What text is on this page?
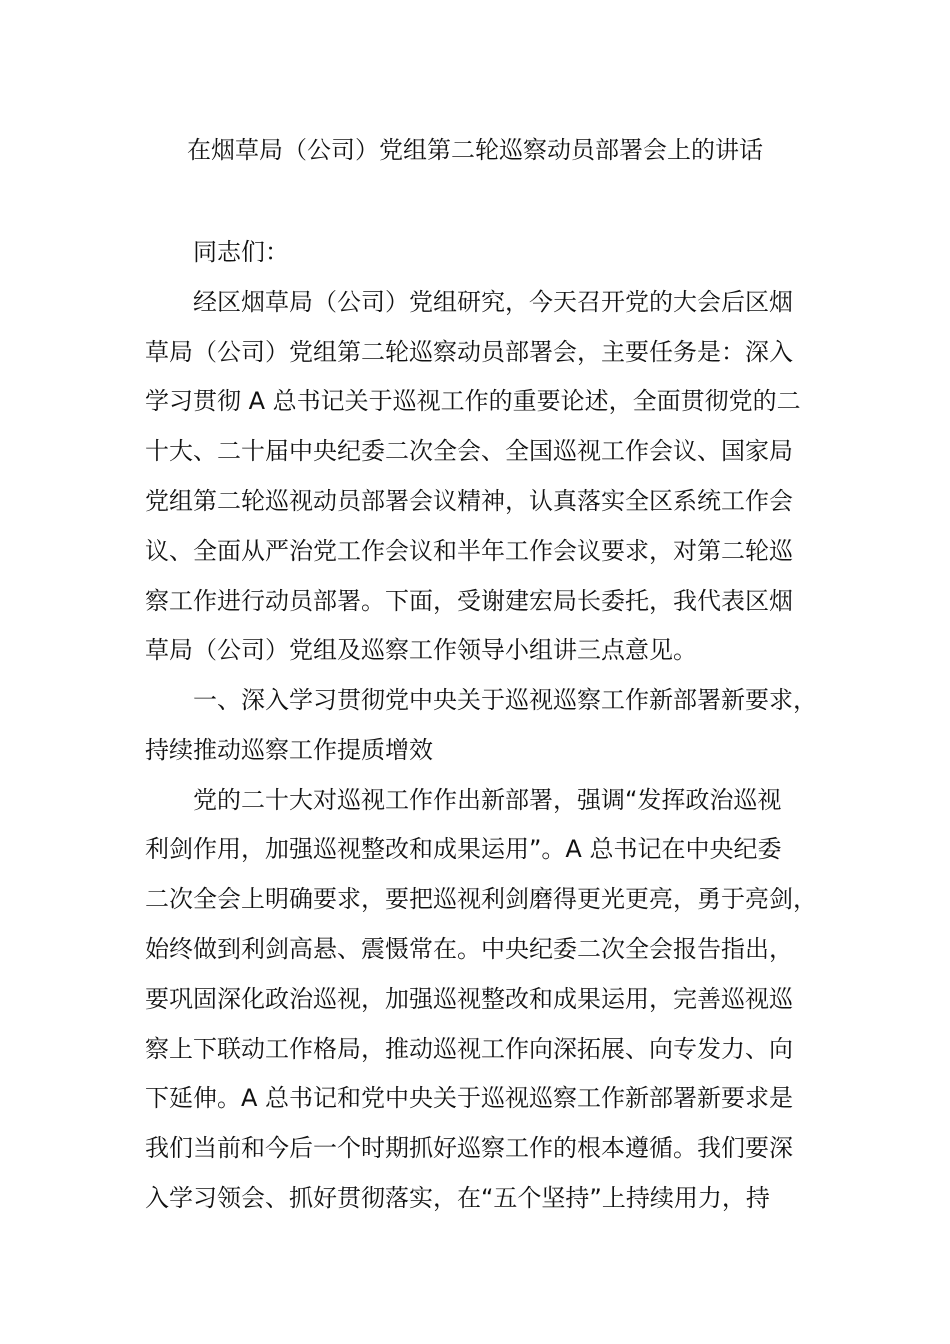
在烟草局（公司）党组第二轮巡察动员部署会上的讲话

同志们：

经区烟草局（公司）党组研究，今天召开党的大会后区烟

草局（公司）党组第二轮巡察动员部署会，主要任务是：深入

学习贯彻 A 总书记关于巡视工作的重要论述，全面贯彻党的二

十大、二十届中央纪委二次全会、全国巡视工作会议、国家局

党组第二轮巡视动员部署会议精神，认真落实全区系统工作会

议、全面从严治党工作会议和半年工作会议要求，对第二轮巡

察工作进行动员部署。下面，受谢建宏局长委托，我代表区烟

草局（公司）党组及巡察工作领导小组讲三点意见。

一、深入学习贯彻党中央关于巡视巡察工作新部署新要求，

持续推动巡察工作提质增效

党的二十大对巡视工作作出新部署，强调“发挥政治巡视

利剑作用，加强巡视整改和成果运用”。A 总书记在中央纪委

二次全会上明确要求，要把巡视利剑磨得更光更亮，勇于亮剑，

始终做到利剑高悬、震慑常在。中央纪委二次全会报告指出，

要巩固深化政治巡视，加强巡视整改和成果运用，完善巡视巡

察上下联动工作格局，推动巡视工作向深拓展、向专发力、向

下延伸。A 总书记和党中央关于巡视巡察工作新部署新要求是

我们当前和今后一个时期抓好巡察工作的根本遵循。我们要深

入学习领会、抓好贯彻落实，在“五个坚持”上持续用力，持
